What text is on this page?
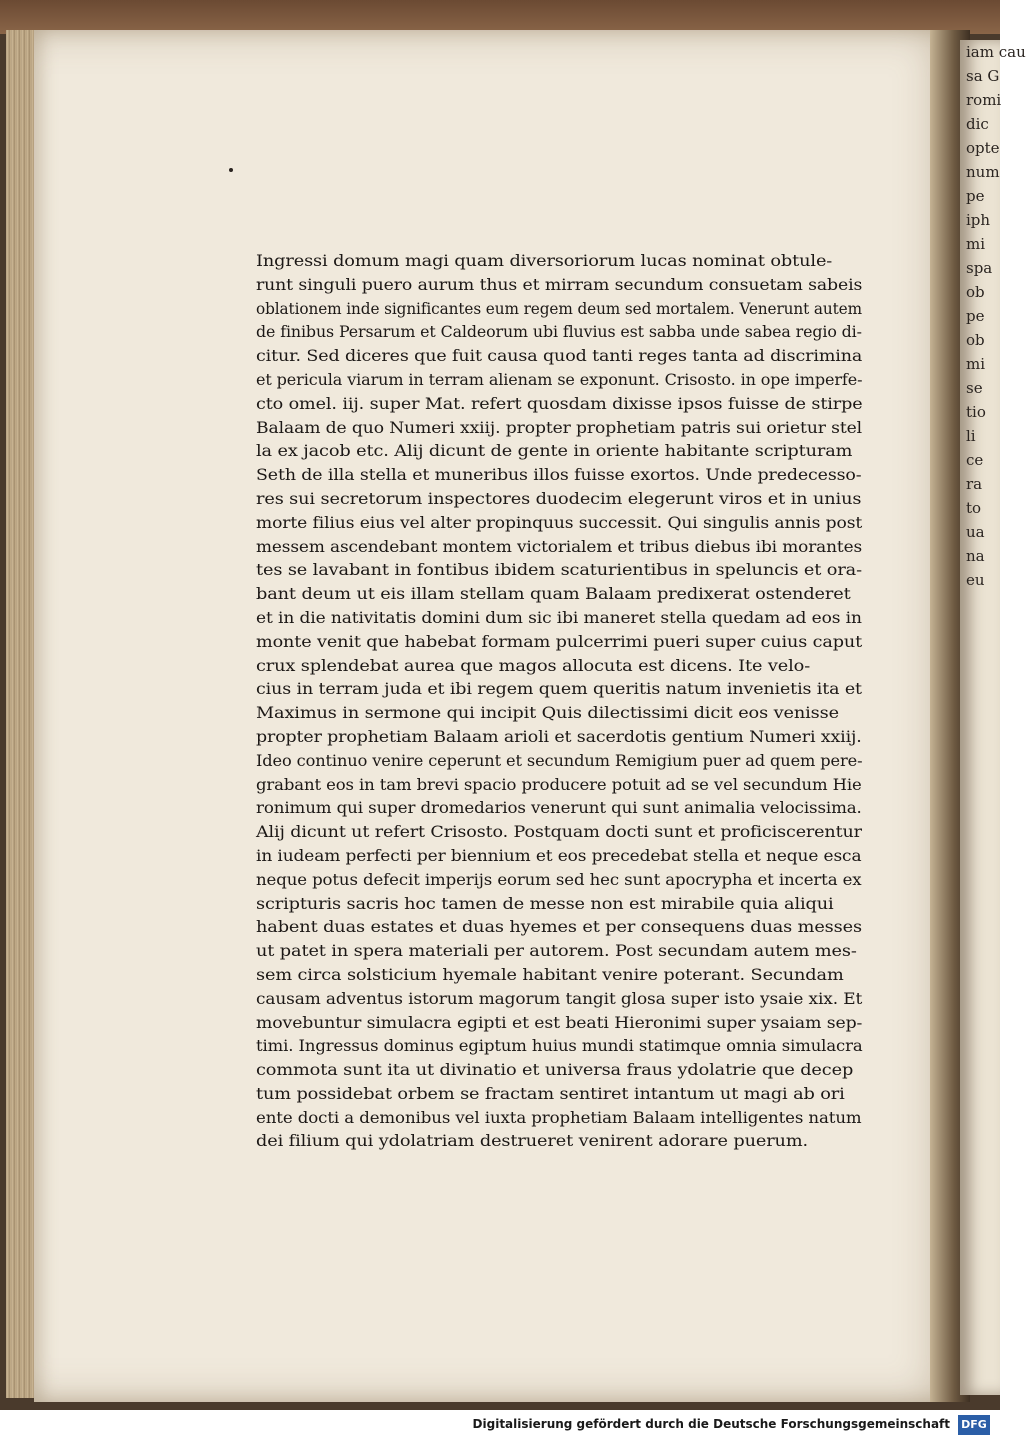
iam cau
sa G
romi
dic
opte
num
pe
iph
mi
spa
ob
pe
ob
mi
se
tio
li
ce
ra
to
ua
na
eu
Ingressi domum magi quam diversoriorum lucas nominat obtule-
runt singuli puero aurum thus et mirram secundum consuetam sabeis
oblationem inde significantes eum regem deum sed mortalem. Venerunt autem
de finibus Persarum et Caldeorum ubi fluvius est sabba unde sabea regio di-
citur. Sed diceres que fuit causa quod tanti reges tanta ad discrimina
et pericula viarum in terram alienam se exponunt. Crisosto. in ope imperfe-
cto omel. iij. super Mat. refert quosdam dixisse ipsos fuisse de stirpe
Balaam de quo Numeri xxiij. propter prophetiam patris sui orietur stel
la ex jacob etc. Alij dicunt de gente in oriente habitante scripturam
Seth de illa stella et muneribus illos fuisse exortos. Unde predecesso-
res sui secretorum inspectores duodecim elegerunt viros et in unius
morte filius eius vel alter propinquus successit. Qui singulis annis post
messem ascendebant montem victorialem et tribus diebus ibi morantes
tes se lavabant in fontibus ibidem scaturientibus in speluncis et ora-
bant deum ut eis illam stellam quam Balaam predixerat ostenderet
et in die nativitatis domini dum sic ibi maneret stella quedam ad eos in
monte venit que habebat formam pulcerrimi pueri super cuius caput
crux splendebat aurea que magos allocuta est dicens. Ite velo-
cius in terram juda et ibi regem quem queritis natum invenietis ita et
Maximus in sermone qui incipit Quis dilectissimi dicit eos venisse
propter prophetiam Balaam arioli et sacerdotis gentium Numeri xxiij.
Ideo continuo venire ceperunt et secundum Remigium puer ad quem pere-
grabant eos in tam brevi spacio producere potuit ad se vel secundum Hie
ronimum qui super dromedarios venerunt qui sunt animalia velocissima.
Alij dicunt ut refert Crisosto. Postquam docti sunt et proficiscerentur
in iudeam perfecti per biennium et eos precedebat stella et neque esca
neque potus defecit imperijs eorum sed hec sunt apocrypha et incerta ex
scripturis sacris hoc tamen de messe non est mirabile quia aliqui
habent duas estates et duas hyemes et per consequens duas messes
ut patet in spera materiali per autorem. Post secundam autem mes-
sem circa solsticium hyemale habitant venire poterant. Secundam
causam adventus istorum magorum tangit glosa super isto ysaie xix. Et
movebuntur simulacra egipti et est beati Hieronimi super ysaiam sep-
timi. Ingressus dominus egiptum huius mundi statimque omnia simulacra
commota sunt ita ut divinatio et universa fraus ydolatrie que decep
tum possidebat orbem se fractam sentiret intantum ut magi ab ori
ente docti a demonibus vel iuxta prophetiam Balaam intelligentes natum
dei filium qui ydolatriam destrueret venirent adorare puerum.
Digitalisierung gefördert durch die Deutsche Forschungsgemeinschaft DFG
